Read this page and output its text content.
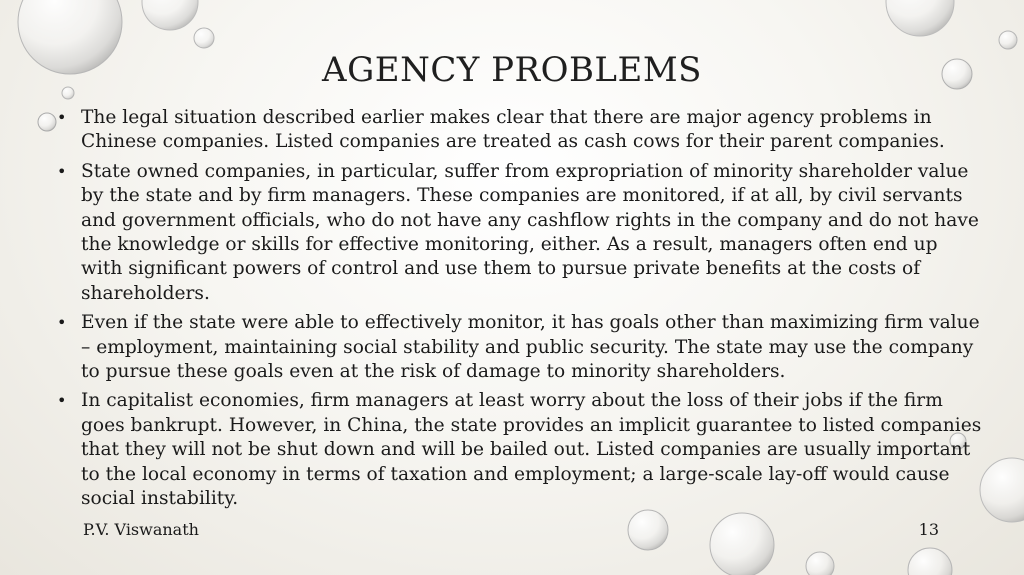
AGENCY PROBLEMS
• The legal situation described earlier makes clear that there are major agency problems in Chinese companies. Listed companies are treated as cash cows for their parent companies.
• State owned companies, in particular, suffer from expropriation of minority shareholder value by the state and by firm managers. These companies are monitored, if at all, by civil servants and government officials, who do not have any cashflow rights in the company and do not have the knowledge or skills for effective monitoring, either. As a result, managers often end up with significant powers of control and use them to pursue private benefits at the costs of shareholders.
• Even if the state were able to effectively monitor, it has goals other than maximizing firm value – employment, maintaining social stability and public security. The state may use the company to pursue these goals even at the risk of damage to minority shareholders.
• In capitalist economies, firm managers at least worry about the loss of their jobs if the firm goes bankrupt. However, in China, the state provides an implicit guarantee to listed companies that they will not be shut down and will be bailed out. Listed companies are usually important to the local economy in terms of taxation and employment; a large-scale lay-off would cause social instability.
P.V. Viswanath	13
